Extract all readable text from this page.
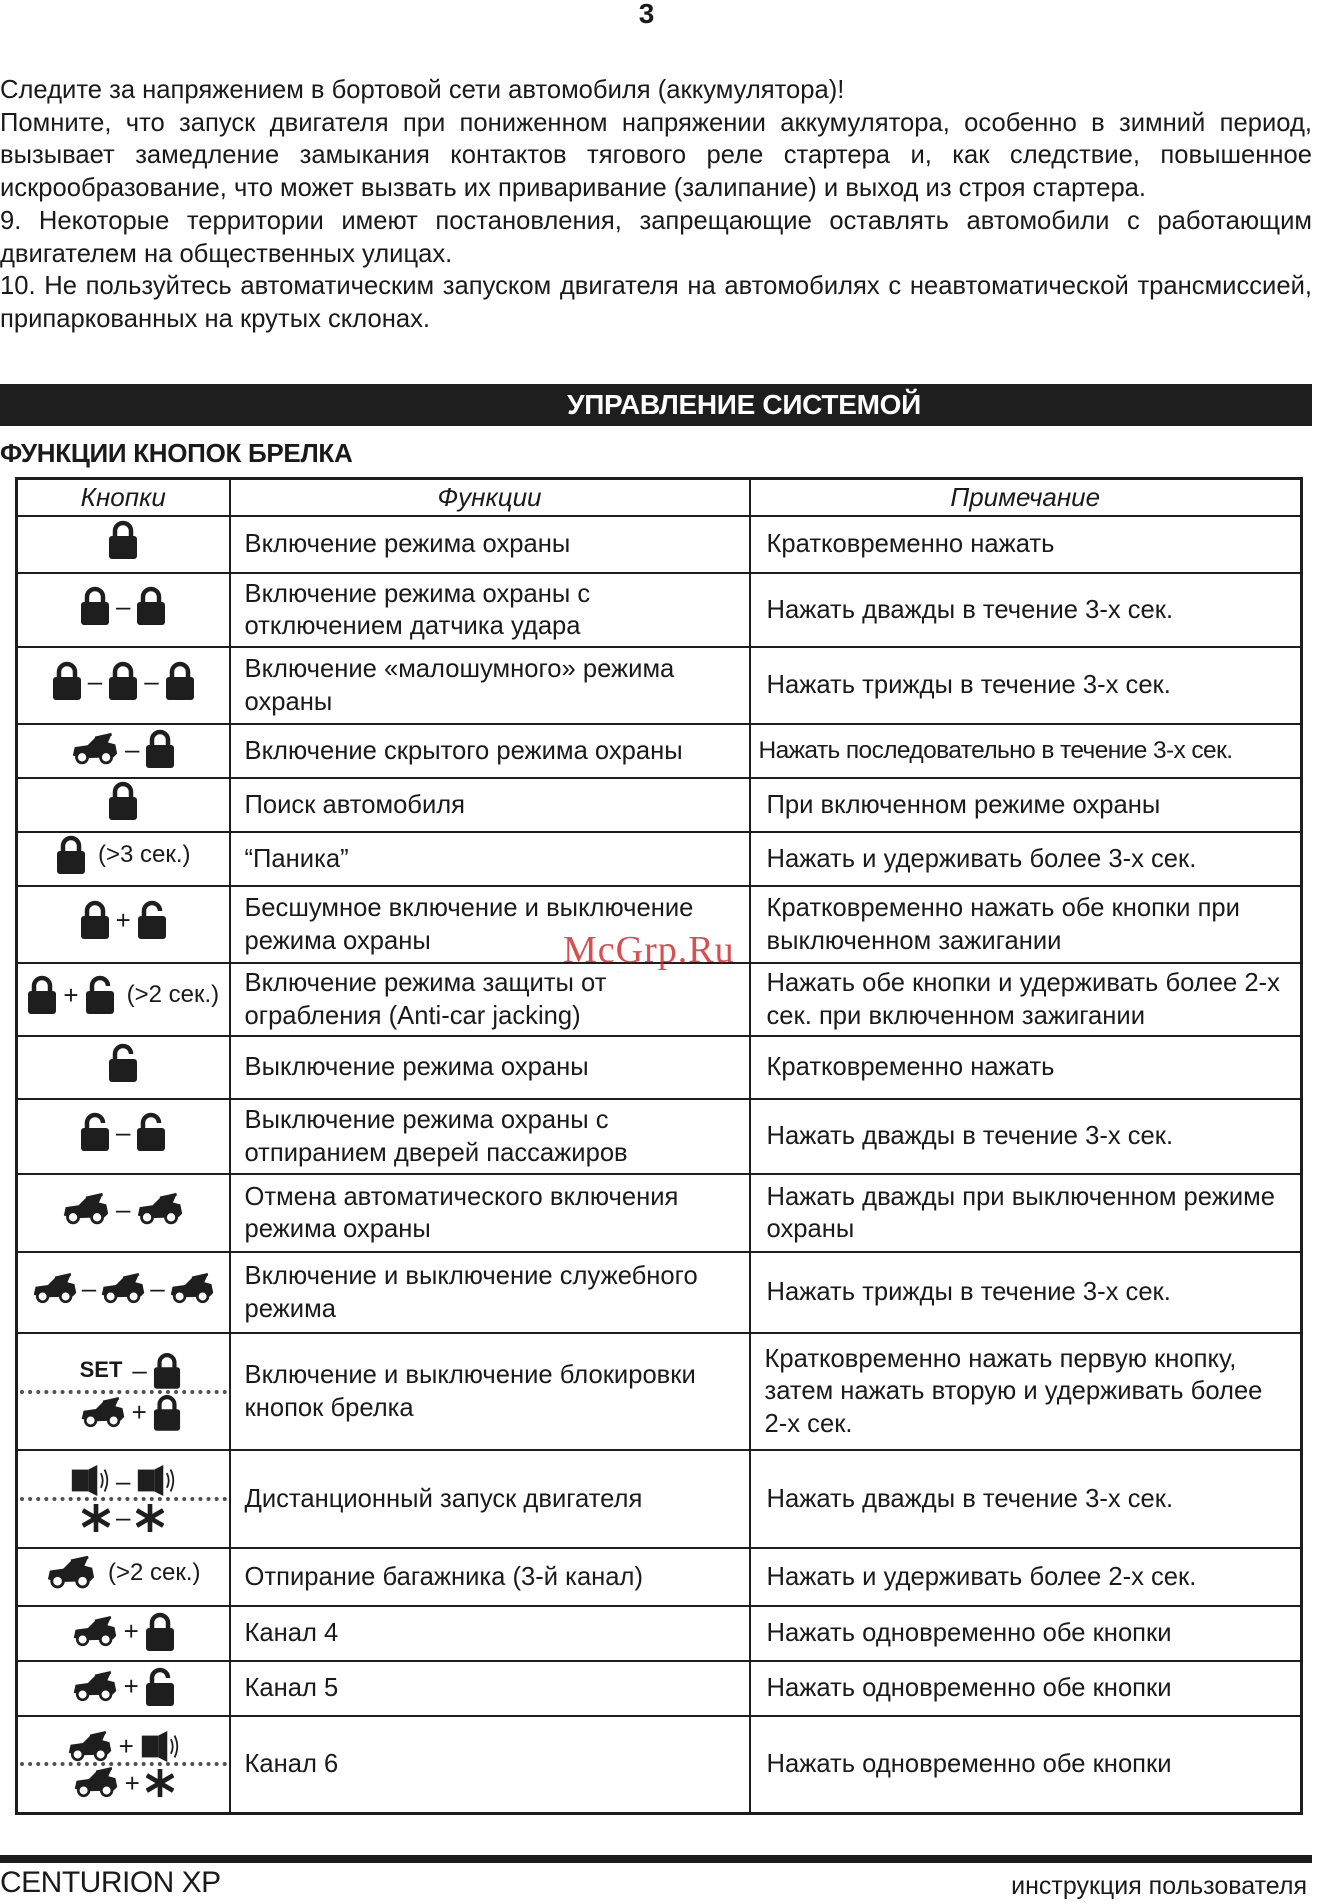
3

Следите за напряжением в бортовой сети автомобиля (аккумулятора)!

Помните, что запуск двигателя при пониженном напряжении аккумулятора, особенно в зимний период, вызывает замедление замыкания контактов тягового реле стартера и, как следствие, повышенное искрообразование, что может вызвать их приваривание (залипание) и выход из строя стартера.

9. Некоторые территории имеют постановления, запрещающие оставлять автомобили с работающим двигателем на общественных улицах.

10. Не пользуйтесь автоматическим запуском двигателя на автомобилях с неавтоматической трансмиссией, припаркованных на крутых склонах.

УПРАВЛЕНИЕ СИСТЕМОЙ
ФУНКЦИИ КНОПОК БРЕЛКА
Кнопки	Функции	Примечание

	Включение режима охраны	Кратковременно нажать

–	Включение режима охраны с отключением датчика удара	Нажать дважды в течение 3-х сек.

– –	Включение «малошумного» режима охраны	Нажать трижды в течение 3-х сек.

–	Включение скрытого режима охраны	Нажать последовательно в течение 3-х сек.

	Поиск автомобиля	При включенном режиме охраны

(>3 сек.)	“Паника”	Нажать и удерживать более 3-х сек.

+	Бесшумное включение и выключение режима охраны	Кратковременно нажать обе кнопки при выключенном зажигании

+ (>2 сек.)	Включение режима защиты от ограбления (Anti-car jacking)	Нажать обе кнопки и удерживать более 2-х сек. при включенном зажигании

	Выключение режима охраны	Кратковременно нажать

–	Выключение режима охраны с отпиранием дверей пассажиров	Нажать дважды в течение 3-х сек.

–	Отмена автоматического включения режима охраны	Нажать дважды при выключенном режиме охраны

– –	Включение и выключение служебного режима	Нажать трижды в течение 3-х сек.

SET –
+	Включение и выключение блокировки кнопок брелка	Кратковременно нажать первую кнопку, затем нажать вторую и удерживать более 2-х сек.

–
–	Дистанционный запуск двигателя	Нажать дважды в течение 3-х сек.

(>2 сек.)	Отпирание багажника (3-й канал)	Нажать и удерживать более 2-х сек.

+	Канал 4	Нажать одновременно обе кнопки

+	Канал 5	Нажать одновременно обе кнопки

+
+	Канал 6	Нажать одновременно обе кнопки
McGrp.Ru
CENTURION XP	инструкция пользователя
